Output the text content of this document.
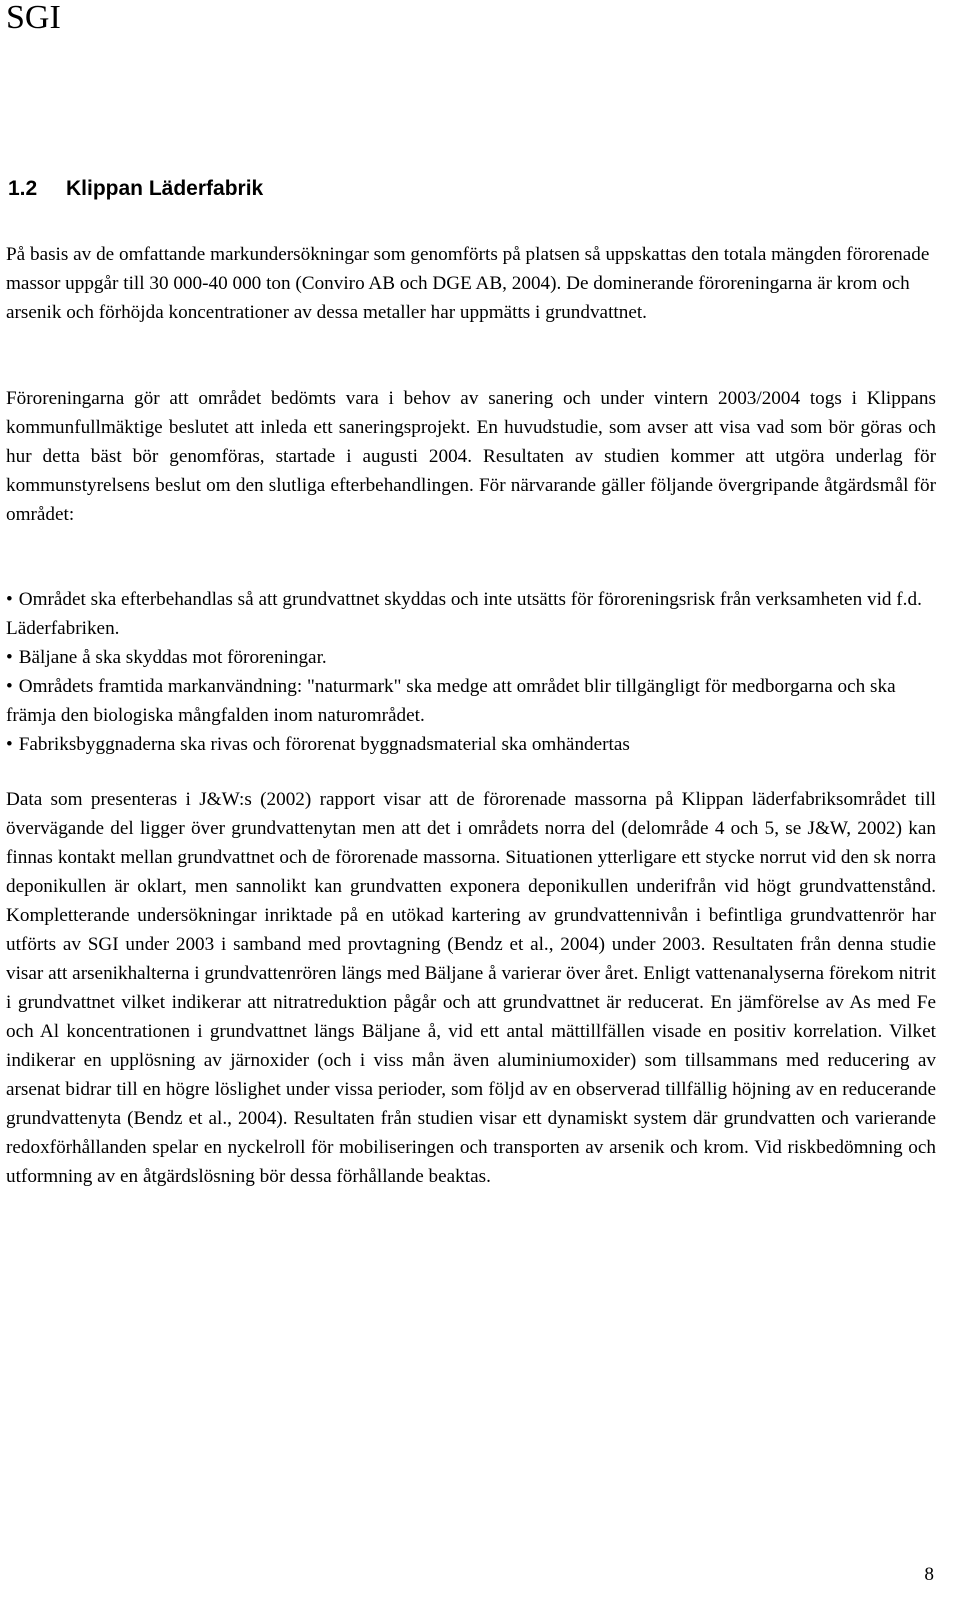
SGI
1.2 Klippan Läderfabrik

På basis av de omfattande markundersökningar som genomförts på platsen så uppskattas den totala mängden förorenade massor uppgår till 30 000-40 000 ton (Conviro AB och DGE AB, 2004). De dominerande föroreningarna är krom och arsenik och förhöjda koncentrationer av dessa metaller har uppmätts i grundvattnet.

Föroreningarna gör att området bedömts vara i behov av sanering och under vintern 2003/2004 togs i Klippans kommunfullmäktige beslutet att inleda ett saneringsprojekt. En huvudstudie, som avser att visa vad som bör göras och hur detta bäst bör genomföras, startade i augusti 2004. Resultaten av studien kommer att utgöra underlag för kommunstyrelsens beslut om den slutliga efterbehandlingen. För närvarande gäller följande övergripande åtgärdsmål för området:

• Området ska efterbehandlas så att grundvattnet skyddas och inte utsätts för föroreningsrisk från verksamheten vid f.d. Läderfabriken.
• Bäljane å ska skyddas mot föroreningar.
• Områdets framtida markanvändning: "naturmark" ska medge att området blir tillgängligt för medborgarna och ska främja den biologiska mångfalden inom naturområdet.
• Fabriksbyggnaderna ska rivas och förorenat byggnadsmaterial ska omhändertas

Data som presenteras i J&W:s (2002) rapport visar att de förorenade massorna på Klippan läderfabriksområdet till övervägande del ligger över grundvattenytan men att det i områdets norra del (delområde 4 och 5, se J&W, 2002) kan finnas kontakt mellan grundvattnet och de förorenade massorna. Situationen ytterligare ett stycke norrut vid den sk norra deponikullen är oklart, men sannolikt kan grundvatten exponera deponikullen underifrån vid högt grundvattenstånd. Kompletterande undersökningar inriktade på en utökad kartering av grundvattennivån i befintliga grundvattenrör har utförts av SGI under 2003 i samband med provtagning (Bendz et al., 2004) under 2003. Resultaten från denna studie visar att arsenikhalterna i grundvattenrören längs med Bäljane å varierar över året. Enligt vattenanalyserna förekom nitrit i grundvattnet vilket indikerar att nitratreduktion pågår och att grundvattnet är reducerat. En jämförelse av As med Fe och Al koncentrationen i grundvattnet längs Bäljane å, vid ett antal mättillfällen visade en positiv korrelation. Vilket indikerar en upplösning av järnoxider (och i viss mån även aluminiumoxider) som tillsammans med reducering av arsenat bidrar till en högre löslighet under vissa perioder, som följd av en observerad tillfällig höjning av en reducerande grundvattenyta (Bendz et al., 2004). Resultaten från studien visar ett dynamiskt system där grundvatten och varierande redoxförhållanden spelar en nyckelroll för mobiliseringen och transporten av arsenik och krom. Vid riskbedömning och utformning av en åtgärdslösning bör dessa förhållande beaktas.

8
